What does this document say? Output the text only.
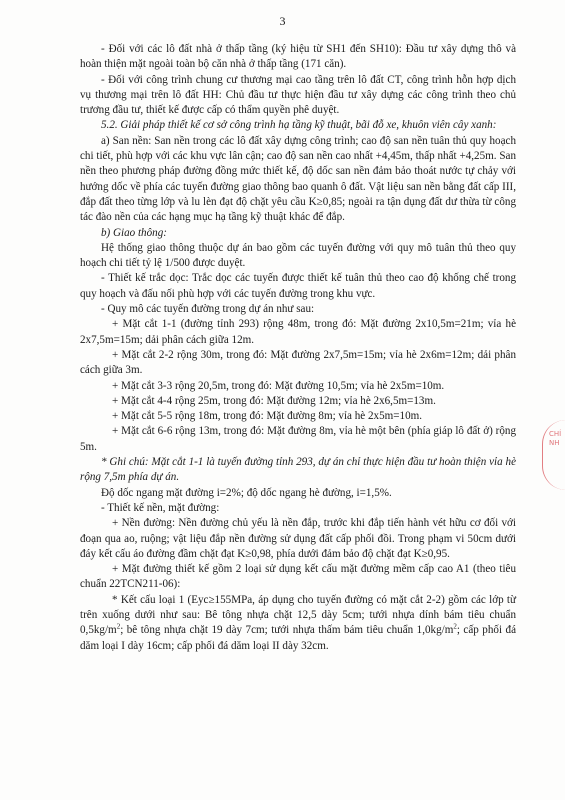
3

- Đối với các lô đất nhà ở thấp tầng (ký hiệu từ SH1 đến SH10): Đầu tư xây dựng thô và hoàn thiện mặt ngoài toàn bộ căn nhà ở thấp tầng (171 căn).

- Đối với công trình chung cư thương mại cao tầng trên lô đất CT, công trình hỗn hợp dịch vụ thương mại trên lô đất HH: Chủ đầu tư thực hiện đầu tư xây dựng các công trình theo chủ trương đầu tư, thiết kế được cấp có thẩm quyền phê duyệt.

5.2. Giải pháp thiết kế cơ sở công trình hạ tầng kỹ thuật, bãi đỗ xe, khuôn viên cây xanh:

a) San nền: San nền trong các lô đất xây dựng công trình; cao độ san nền tuân thủ quy hoạch chi tiết, phù hợp với các khu vực lân cận; cao độ san nền cao nhất +4,45m, thấp nhất +4,25m. San nền theo phương pháp đường đồng mức thiết kế, độ dốc san nền đảm bảo thoát nước tự chảy với hướng dốc về phía các tuyến đường giao thông bao quanh ô đất. Vật liệu san nền bằng đất cấp III, đắp đất theo từng lớp và lu lèn đạt độ chặt yêu cầu K≥0,85; ngoài ra tận dụng đất dư thừa từ công tác đào nền của các hạng mục hạ tầng kỹ thuật khác để đắp.

b) Giao thông:

Hệ thống giao thông thuộc dự án bao gồm các tuyến đường với quy mô tuân thủ theo quy hoạch chi tiết tỷ lệ 1/500 được duyệt.

- Thiết kế trắc dọc: Trắc dọc các tuyến được thiết kế tuân thủ theo cao độ khống chế trong quy hoạch và đấu nối phù hợp với các tuyến đường trong khu vực.

- Quy mô các tuyến đường trong dự án như sau:

+ Mặt cắt 1-1 (đường tỉnh 293) rộng 48m, trong đó: Mặt đường 2x10,5m=21m; vỉa hè 2x7,5m=15m; dải phân cách giữa 12m.

+ Mặt cắt 2-2 rộng 30m, trong đó: Mặt đường 2x7,5m=15m; vỉa hè 2x6m=12m; dải phân cách giữa 3m.

+ Mặt cắt 3-3 rộng 20,5m, trong đó: Mặt đường 10,5m; vỉa hè 2x5m=10m.

+ Mặt cắt 4-4 rộng 25m, trong đó: Mặt đường 12m; vỉa hè 2x6,5m=13m.

+ Mặt cắt 5-5 rộng 18m, trong đó: Mặt đường 8m; vỉa hè 2x5m=10m.

+ Mặt cắt 6-6 rộng 13m, trong đó: Mặt đường 8m, vỉa hè một bên (phía giáp lô đất ở) rộng 5m.

* Ghi chú: Mặt cắt 1-1 là tuyến đường tỉnh 293, dự án chỉ thực hiện đầu tư hoàn thiện vỉa hè rộng 7,5m phía dự án.

Độ dốc ngang mặt đường i=2%; độ dốc ngang hè đường, i=1,5%.

- Thiết kế nền, mặt đường:

+ Nền đường: Nền đường chủ yếu là nền đắp, trước khi đắp tiến hành vét hữu cơ đối với đoạn qua ao, ruộng; vật liệu đắp nền đường sử dụng đất cấp phối đồi. Trong phạm vi 50cm dưới đáy kết cấu áo đường đầm chặt đạt K≥0,98, phía dưới đảm bảo độ chặt đạt K≥0,95.

+ Mặt đường thiết kế gồm 2 loại sử dụng kết cấu mặt đường mềm cấp cao A1 (theo tiêu chuẩn 22TCN211-06):

* Kết cấu loại 1 (Eyc≥155MPa, áp dụng cho tuyến đường có mặt cắt 2-2) gồm các lớp từ trên xuống dưới như sau: Bê tông nhựa chặt 12,5 dày 5cm; tưới nhựa dính bám tiêu chuẩn $0,5kg/m^2$; bê tông nhựa chặt 19 dày 7cm; tưới nhựa thấm bám tiêu chuẩn $1,0kg/m^2$; cấp phối đá dăm loại I dày 16cm; cấp phối đá dăm loại II dày 32cm.

CHÍNH
